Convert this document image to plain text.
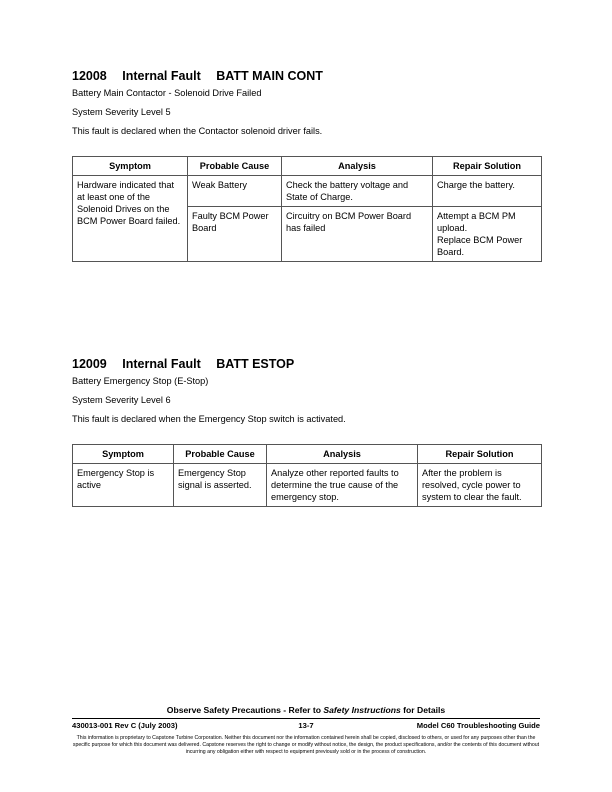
12008 Internal Fault BATT MAIN CONT

Battery Main Contactor - Solenoid Drive Failed

System Severity Level 5

This fault is declared when the Contactor solenoid driver fails.

Symptom	Probable Cause	Analysis	Repair Solution
Hardware indicated that at least one of the Solenoid Drives on the BCM Power Board failed.	Weak Battery	Check the battery voltage and State of Charge.	Charge the battery.
	Faulty BCM Power Board	Circuitry on BCM Power Board has failed	Attempt a BCM PM upload.
Replace BCM Power Board.
12009 Internal Fault BATT ESTOP

Battery Emergency Stop (E-Stop)

System Severity Level 6

This fault is declared when the Emergency Stop switch is activated.

Symptom	Probable Cause	Analysis	Repair Solution
Emergency Stop is active	Emergency Stop signal is asserted.	Analyze other reported faults to determine the true cause of the emergency stop.	After the problem is resolved, cycle power to system to clear the fault.
Observe Safety Precautions - Refer to Safety Instructions for Details
430013-001 Rev C (July 2003)	13-7	Model C60 Troubleshooting Guide
This information is proprietary to Capstone Turbine Corporation. Neither this document nor the information contained herein shall be copied, disclosed to others, or used for any purposes other than the specific purpose for which this document was delivered. Capstone reserves the right to change or modify without notice, the design, the product specifications, and/or the contents of this document without incurring any obligation either with respect to equipment previously sold or in the process of construction.
